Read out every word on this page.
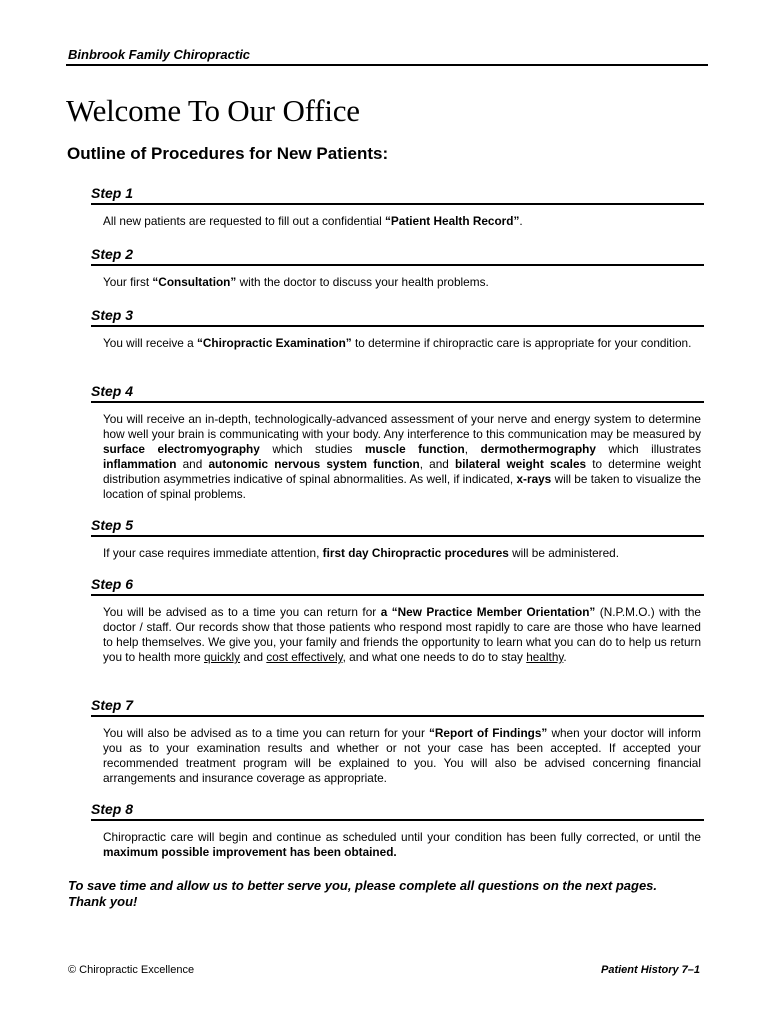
Binbrook Family Chiropractic
Welcome To Our Office
Outline of Procedures for New Patients:
Step 1

All new patients are requested to fill out a confidential “Patient Health Record”.

Step 2

Your first “Consultation” with the doctor to discuss your health problems.

Step 3

You will receive a “Chiropractic Examination” to determine if chiropractic care is appropriate for your condition.

Step 4

You will receive an in-depth, technologically-advanced assessment of your nerve and energy system to determine how well your brain is communicating with your body. Any interference to this communication may be measured by surface electromyography which studies muscle function, dermothermography which illustrates inflammation and autonomic nervous system function, and bilateral weight scales to determine weight distribution asymmetries indicative of spinal abnormalities. As well, if indicated, x-rays will be taken to visualize the location of spinal problems.

Step 5

If your case requires immediate attention, first day Chiropractic procedures will be administered.

Step 6

You will be advised as to a time you can return for a “New Practice Member Orientation” (N.P.M.O.) with the doctor / staff. Our records show that those patients who respond most rapidly to care are those who have learned to help themselves. We give you, your family and friends the opportunity to learn what you can do to help us return you to health more quickly and cost effectively, and what one needs to do to stay healthy.

Step 7

You will also be advised as to a time you can return for your “Report of Findings” when your doctor will inform you as to your examination results and whether or not your case has been accepted. If accepted your recommended treatment program will be explained to you. You will also be advised concerning financial arrangements and insurance coverage as appropriate.

Step 8

Chiropractic care will begin and continue as scheduled until your condition has been fully corrected, or until the maximum possible improvement has been obtained.

To save time and allow us to better serve you, please complete all questions on the next pages.

Thank you!

© Chiropractic Excellence	Patient History 7–1
